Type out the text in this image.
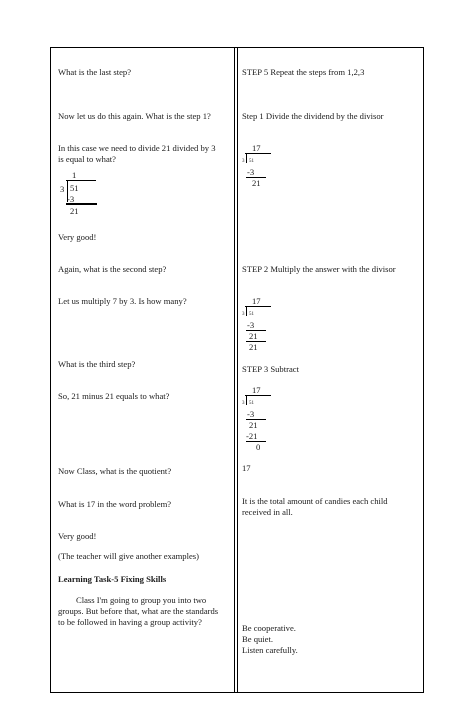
What is the last step?
Now let us do this again. What is the step 1?
In this case we need to divide 21 divided by 3
is equal to what?
1
3 51
-3
21
Very good!
Again, what is the second step?
Let us multiply 7 by 3. Is how many?
What is the third step?
So, 21 minus 21 equals to what?
Now Class, what is the quotient?
What is 17 in the word problem?
Very good!
(The teacher will give another examples)
Learning Task-5 Fixing Skills
Class I'm going to group you into two
groups. But before that, what are the standards
to be followed in having a group activity?
STEP 5 Repeat the steps from 1,2,3
Step 1 Divide the dividend by the divisor
17
3 51
-3
21
STEP 2 Multiply the answer with the divisor
17
3 51
-3
21
21
STEP 3 Subtract
17
3 51
-3
21
-21
0
17
It is the total amount of candies each child
received in all.
Be cooperative.
Be quiet.
Listen carefully.
